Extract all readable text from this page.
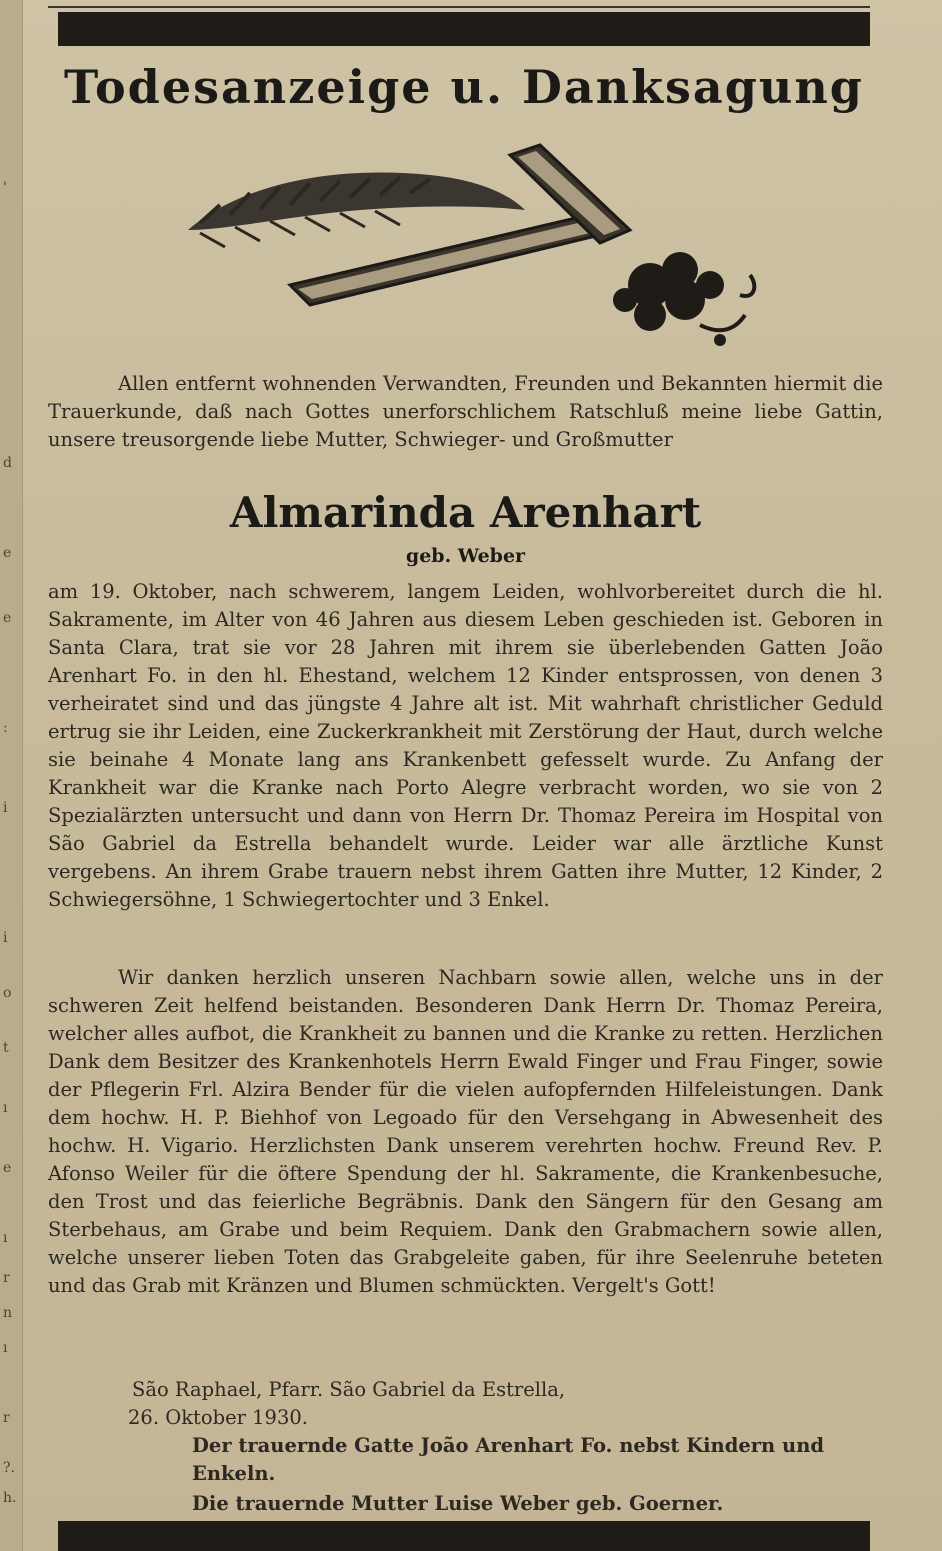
'
d
e
e
:
i
i
o
t
ı
e
ı
r
n
ı
r
?.
h.
Todesanzeige u. Danksagung
Allen entfernt wohnenden Verwandten, Freunden und Bekannten hiermit die Trauerkunde, daß nach Gottes unerforschlichem Ratschluß meine liebe Gattin, unsere treusorgende liebe Mutter, Schwieger- und Großmutter
Almarinda Arenhart
geb. Weber
am 19. Oktober, nach schwerem, langem Leiden, wohlvorbereitet durch die hl. Sakramente, im Alter von 46 Jahren aus diesem Leben geschieden ist. Geboren in Santa Clara, trat sie vor 28 Jahren mit ihrem sie überlebenden Gatten João Arenhart Fo. in den hl. Ehestand, welchem 12 Kinder entsprossen, von denen 3 verheiratet sind und das jüngste 4 Jahre alt ist. Mit wahrhaft christlicher Geduld ertrug sie ihr Leiden, eine Zuckerkrankheit mit Zerstörung der Haut, durch welche sie beinahe 4 Monate lang ans Krankenbett gefesselt wurde. Zu Anfang der Krankheit war die Kranke nach Porto Alegre verbracht worden, wo sie von 2 Spezialärzten untersucht und dann von Herrn Dr. Thomaz Pereira im Hospital von São Gabriel da Estrella behandelt wurde. Leider war alle ärztliche Kunst vergebens. An ihrem Grabe trauern nebst ihrem Gatten ihre Mutter, 12 Kinder, 2 Schwiegersöhne, 1 Schwiegertochter und 3 Enkel.
Wir danken herzlich unseren Nachbarn sowie allen, welche uns in der schweren Zeit helfend beistanden. Besonderen Dank Herrn Dr. Thomaz Pereira, welcher alles aufbot, die Krankheit zu bannen und die Kranke zu retten. Herzlichen Dank dem Besitzer des Krankenhotels Herrn Ewald Finger und Frau Finger, sowie der Pflegerin Frl. Alzira Bender für die vielen aufopfernden Hilfeleistungen. Dank dem hochw. H. P. Biehhof von Legoado für den Versehgang in Abwesenheit des hochw. H. Vigario. Herzlichsten Dank unserem verehrten hochw. Freund Rev. P. Afonso Weiler für die öftere Spendung der hl. Sakramente, die Krankenbesuche, den Trost und das feierliche Begräbnis. Dank den Sängern für den Gesang am Sterbehaus, am Grabe und beim Requiem. Dank den Grabmachern sowie allen, welche unserer lieben Toten das Grabgeleite gaben, für ihre Seelenruhe beteten und das Grab mit Kränzen und Blumen schmückten. Vergelt's Gott!
São Raphael, Pfarr. São Gabriel da Estrella,
26. Oktober 1930.
Der trauernde Gatte João Arenhart Fo. nebst Kindern und Enkeln.
Die trauernde Mutter Luise Weber geb. Goerner.
